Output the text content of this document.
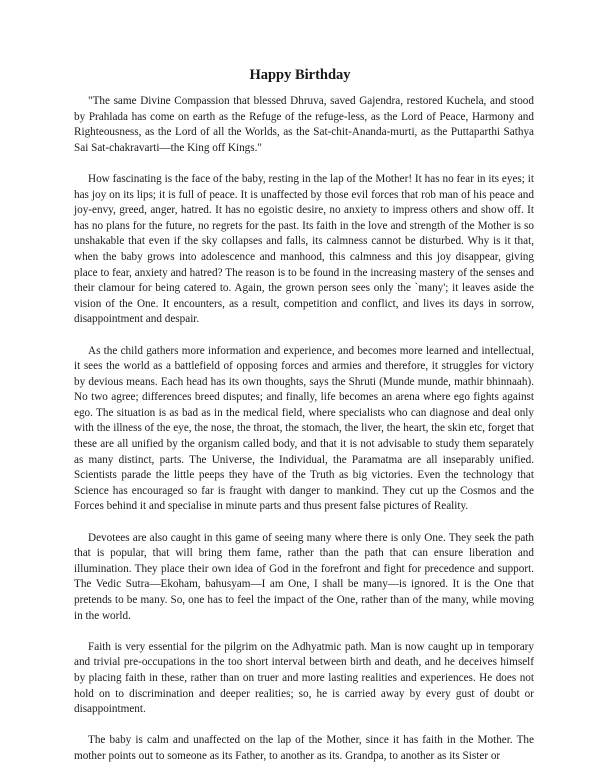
Happy Birthday

"The same Divine Compassion that blessed Dhruva, saved Gajendra, restored Kuchela, and stood by Prahlada has come on earth as the Refuge of the refuge-less, as the Lord of Peace, Harmony and Righteousness, as the Lord of all the Worlds, as the Sat-chit-Ananda-murti, as the Puttaparthi Sathya Sai Sat-chakravarti—the King off Kings."

How fascinating is the face of the baby, resting in the lap of the Mother! It has no fear in its eyes; it has joy on its lips; it is full of peace. It is unaffected by those evil forces that rob man of his peace and joy-envy, greed, anger, hatred. It has no egoistic desire, no anxiety to impress others and show off. It has no plans for the future, no regrets for the past. Its faith in the love and strength of the Mother is so unshakable that even if the sky collapses and falls, its calmness cannot be disturbed. Why is it that, when the baby grows into adolescence and manhood, this calmness and this joy disappear, giving place to fear, anxiety and hatred? The reason is to be found in the increasing mastery of the senses and their clamour for being catered to. Again, the grown person sees only the `many'; it leaves aside the vision of the One. It encounters, as a result, competition and conflict, and lives its days in sorrow, disappointment and despair.

As the child gathers more information and experience, and becomes more learned and intellectual, it sees the world as a battlefield of opposing forces and armies and therefore, it struggles for victory by devious means. Each head has its own thoughts, says the Shruti (Munde munde, mathir bhinnaah). No two agree; differences breed disputes; and finally, life becomes an arena where ego fights against ego. The situation is as bad as in the medical field, where specialists who can diagnose and deal only with the illness of the eye, the nose, the throat, the stomach, the liver, the heart, the skin etc, forget that these are all unified by the organism called body, and that it is not advisable to study them separately as many distinct, parts. The Universe, the Individual, the Paramatma are all inseparably unified. Scientists parade the little peeps they have of the Truth as big victories. Even the technology that Science has encouraged so far is fraught with danger to mankind. They cut up the Cosmos and the Forces behind it and specialise in minute parts and thus present false pictures of Reality.

Devotees are also caught in this game of seeing many where there is only One. They seek the path that is popular, that will bring them fame, rather than the path that can ensure liberation and illumination. They place their own idea of God in the forefront and fight for precedence and support. The Vedic Sutra—Ekoham, bahusyam—I am One, I shall be many—is ignored. It is the One that pretends to be many. So, one has to feel the impact of the One, rather than of the many, while moving in the world.

Faith is very essential for the pilgrim on the Adhyatmic path. Man is now caught up in temporary and trivial pre-occupations in the too short interval between birth and death, and he deceives himself by placing faith in these, rather than on truer and more lasting realities and experiences. He does not hold on to discrimination and deeper realities; so, he is carried away by every gust of doubt or disappointment.

The baby is calm and unaffected on the lap of the Mother, since it has faith in the Mother. The mother points out to someone as its Father, to another as its. Grandpa, to another as its Sister or
